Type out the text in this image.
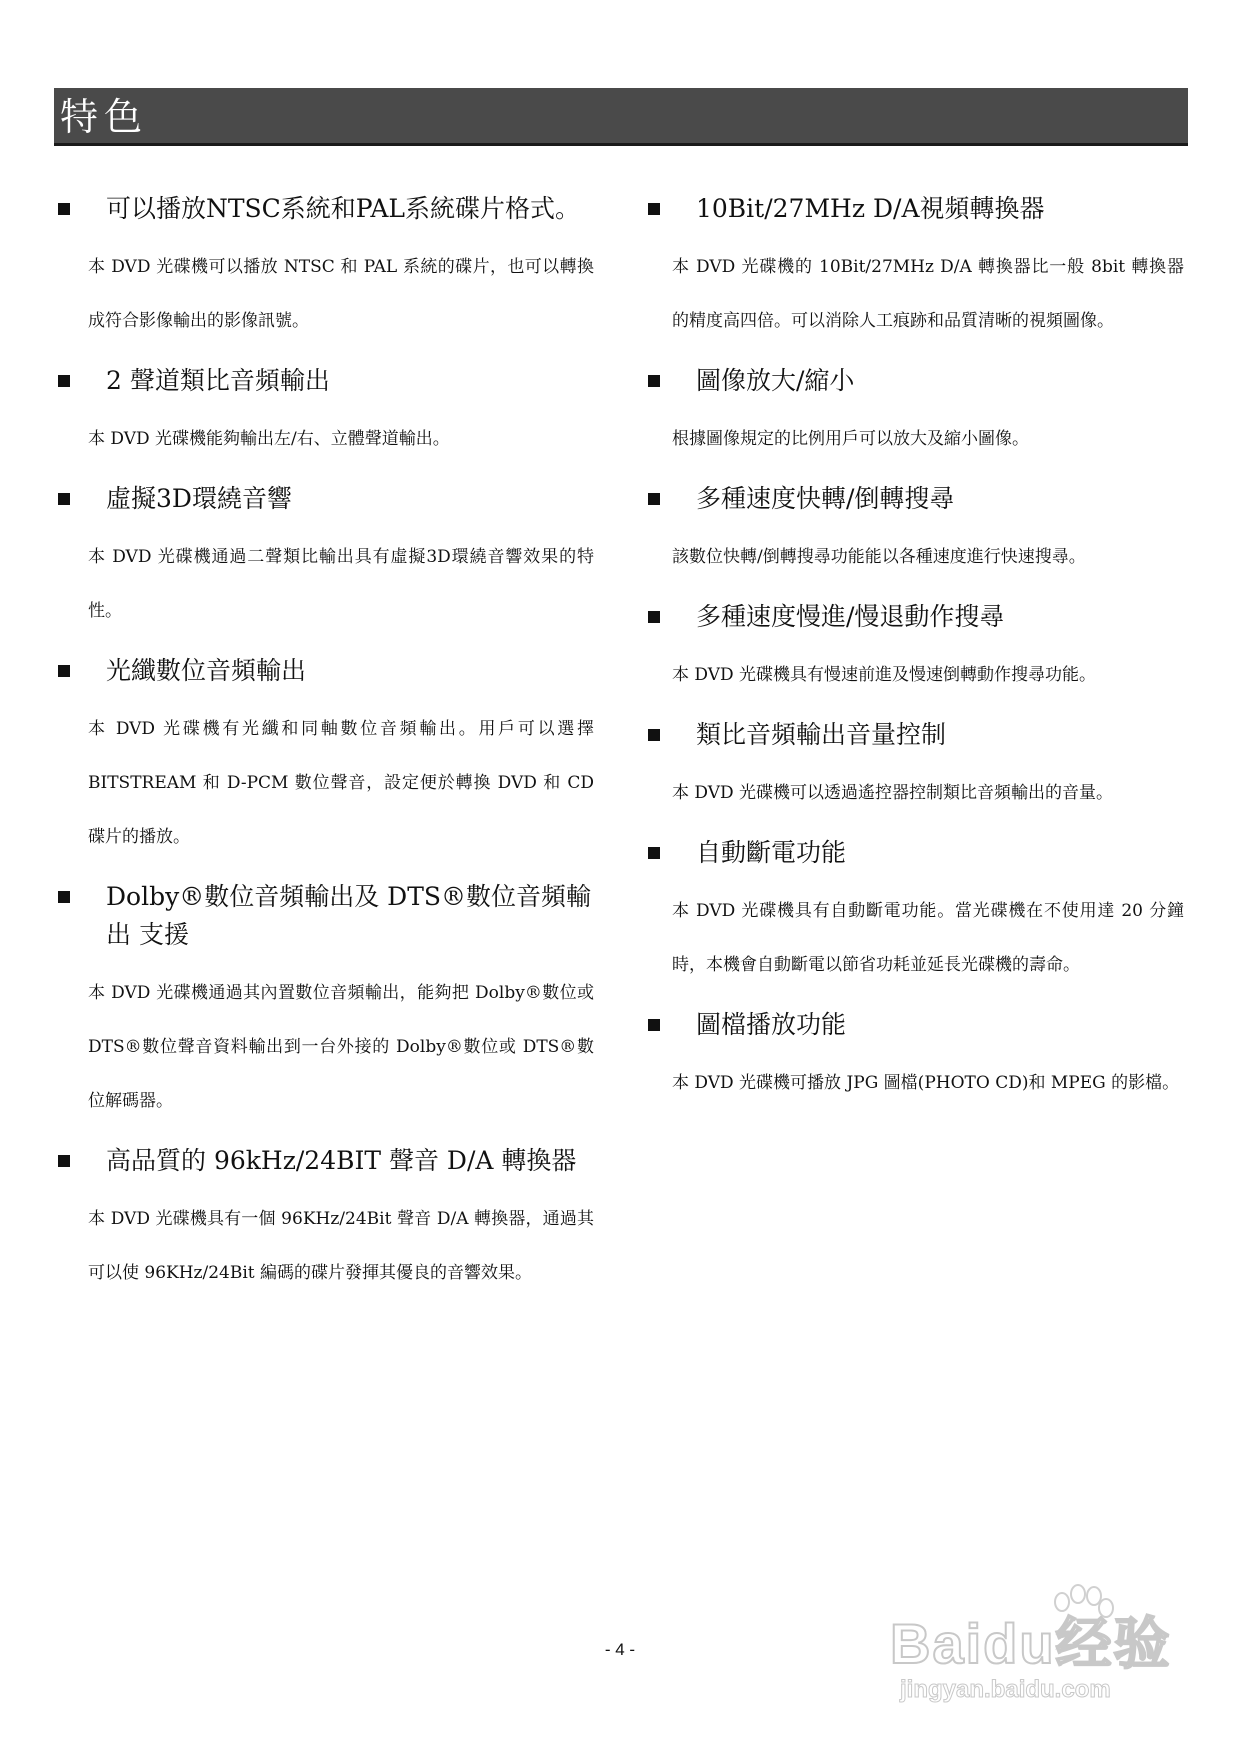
特色
可以播放NTSC系統和PAL系統碟片格式。
本 DVD 光碟機可以播放 NTSC 和 PAL 系統的碟片，也可以轉換成符合影像輸出的影像訊號。
2 聲道類比音頻輸出
本 DVD 光碟機能夠輸出左/右、立體聲道輸出。
虛擬3D環繞音響
本 DVD 光碟機通過二聲類比輸出具有虛擬3D環繞音響效果的特性。
光纖數位音頻輸出
本 DVD 光碟機有光纖和同軸數位音頻輸出。用戶可以選擇 BITSTREAM 和 D-PCM 數位聲音，設定便於轉換 DVD 和 CD 碟片的播放。
Dolby®數位音頻輸出及 DTS®數位音頻輸出 支援
本 DVD 光碟機通過其內置數位音頻輸出，能夠把 Dolby®數位或 DTS®數位聲音資料輸出到一台外接的 Dolby®數位或 DTS®數位解碼器。
高品質的 96kHz/24BIT 聲音 D/A 轉換器
本 DVD 光碟機具有一個 96KHz/24Bit 聲音 D/A 轉換器，通過其可以使 96KHz/24Bit 編碼的碟片發揮其優良的音響效果。
10Bit/27MHz D/A視頻轉換器
本 DVD 光碟機的 10Bit/27MHz D/A 轉換器比一般 8bit 轉換器的精度高四倍。可以消除人工痕跡和品質清晰的視頻圖像。
圖像放大/縮小
根據圖像規定的比例用戶可以放大及縮小圖像。
多種速度快轉/倒轉搜尋
該數位快轉/倒轉搜尋功能能以各種速度進行快速搜尋。
多種速度慢進/慢退動作搜尋
本 DVD 光碟機具有慢速前進及慢速倒轉動作搜尋功能。
類比音頻輸出音量控制
本 DVD 光碟機可以透過遙控器控制類比音頻輸出的音量。
自動斷電功能
本 DVD 光碟機具有自動斷電功能。當光碟機在不使用達 20 分鐘時，本機會自動斷電以節省功耗並延長光碟機的壽命。
圖檔播放功能
本 DVD 光碟機可播放 JPG 圖檔(PHOTO CD)和 MPEG 的影檔。
- 4 -	Baidu经验
jingyan.baidu.com
